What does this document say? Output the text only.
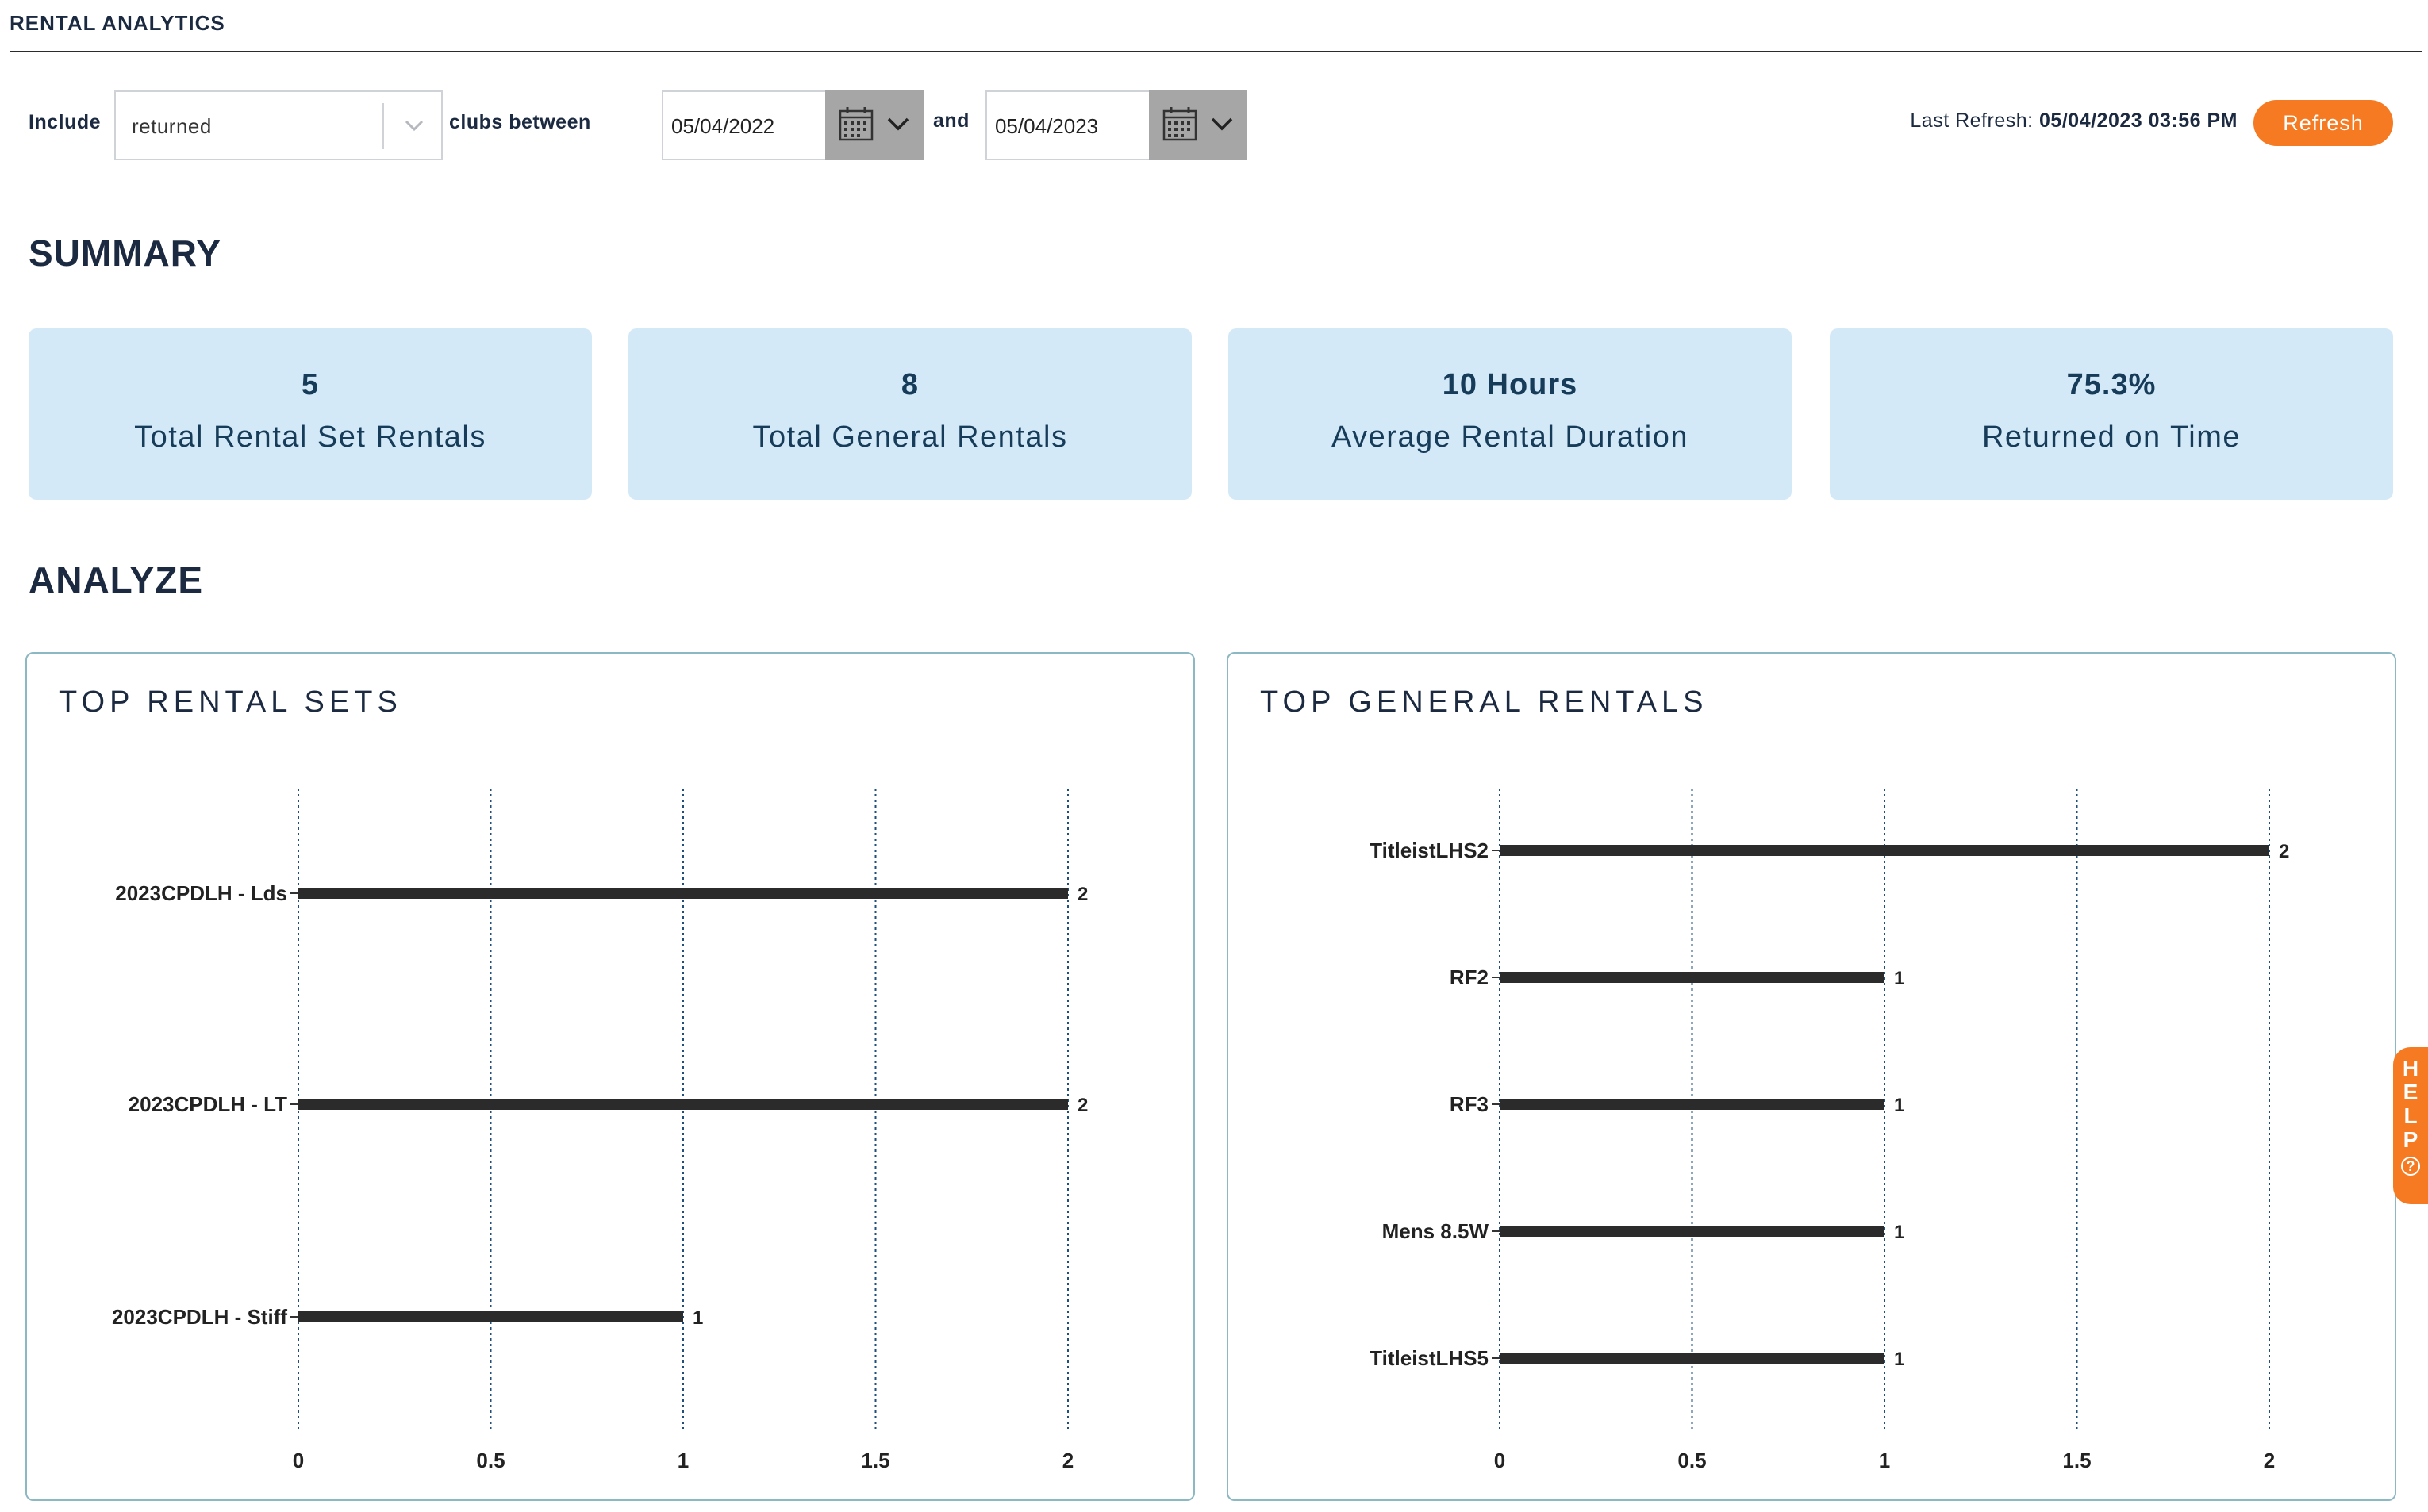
RENTAL ANALYTICS
Include returned	clubs between	05/04/2022	and 05/04/2023	Last Refresh: 05/04/2023 03:56 PM	Refresh
SUMMARY
5
Total Rental Set Rentals
8
Total General Rentals
10 Hours
Average Rental Duration
75.3%
Returned on Time
ANALYZE
TOP RENTAL SETS
0	0.5	1	1.5	2
2023CPDLH - Lds	2
2023CPDLH - LT	2
2023CPDLH - Stiff	1
TOP GENERAL RENTALS
0	0.5	1	1.5	2
TitleistLHS2	2
RF2	1
RF3	1
Mens 8.5W	1
TitleistLHS5	1
H
E
L
P
?
